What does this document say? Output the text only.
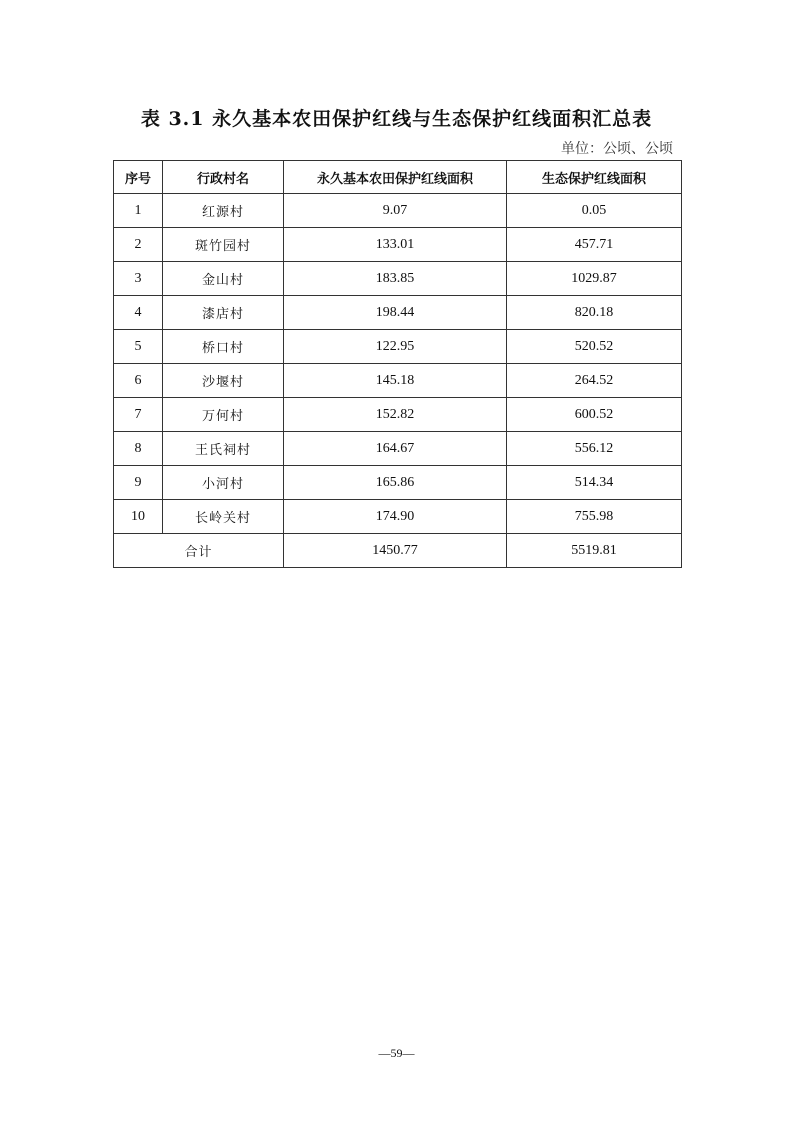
表 3.1 永久基本农田保护红线与生态保护红线面积汇总表
单位：公顷、公顷
序号	行政村名	永久基本农田保护红线面积	生态保护红线面积
1	红源村	9.07	0.05
2	斑竹园村	133.01	457.71
3	金山村	183.85	1029.87
4	漆店村	198.44	820.18
5	桥口村	122.95	520.52
6	沙堰村	145.18	264.52
7	万何村	152.82	600.52
8	王氏祠村	164.67	556.12
9	小河村	165.86	514.34
10	长岭关村	174.90	755.98
合计		1450.77	5519.81
—59—
